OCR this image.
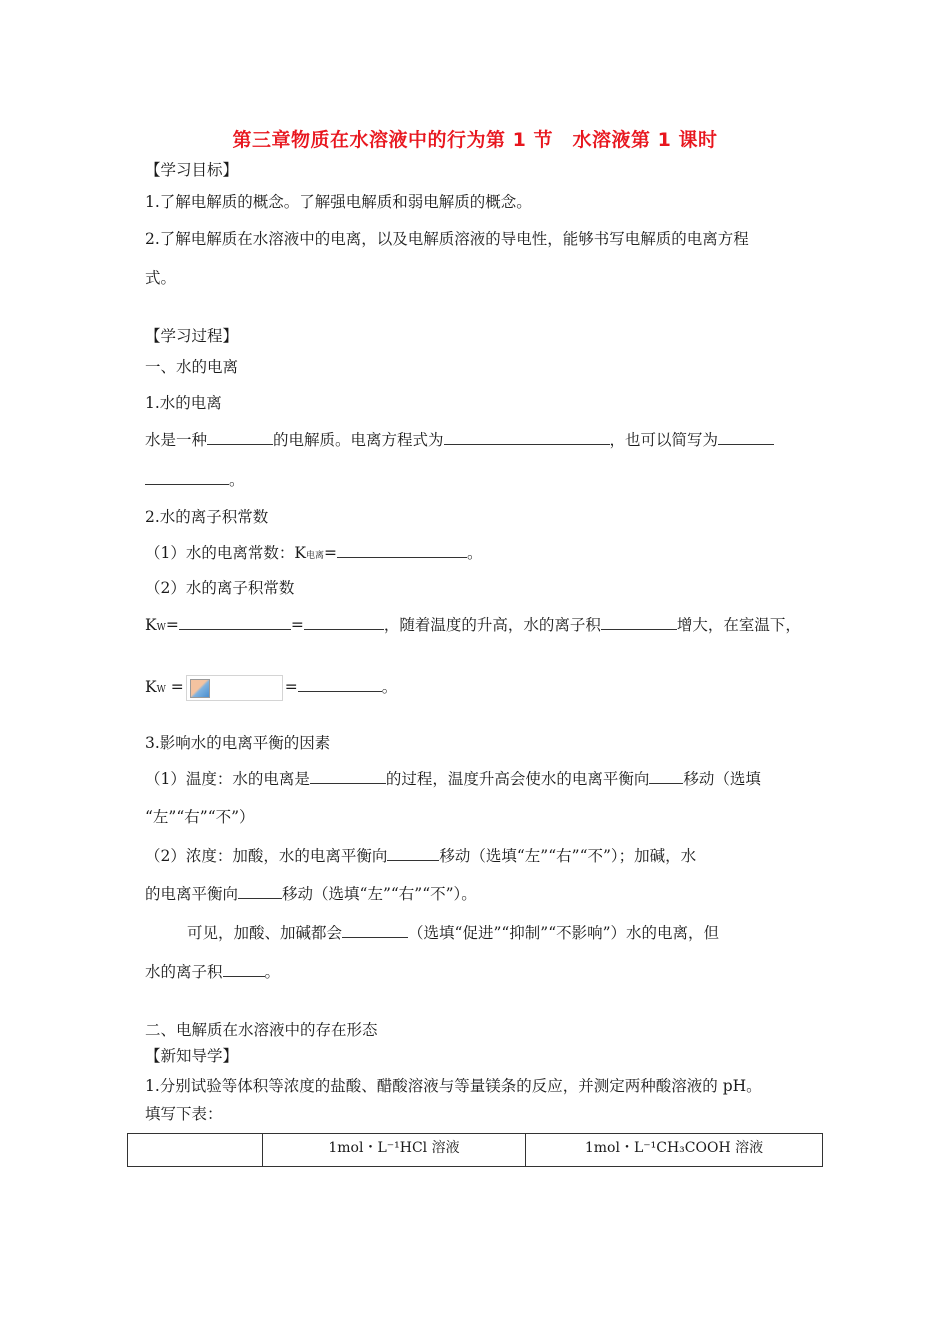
第三章物质在水溶液中的行为第 1 节　水溶液第 1 课时
【学习目标】
1.了解电解质的概念。了解强电解质和弱电解质的概念。
2.了解电解质在水溶液中的电离，以及电解质溶液的导电性，能够书写电解质的电离方程
式。
【学习过程】
一、水的电离
1.水的电离
水是一种	的电解质。电离方程式为	，也可以简写为
。
2.水的离子积常数
（1）水的电离常数：K电离=	。
（2）水的离子积常数
KW=	=	，随着温度的升高，水的离子积	增大，在室温下，
KW =	=	。
3.影响水的电离平衡的因素
（1）温度：水的电离是	的过程，温度升高会使水的电离平衡向 移动（选填
“左”“右”“不”）
（2）浓度：加酸，水的电离平衡向	移动（选填“左”“右”“不”）；加碱，水
的电离平衡向	移动（选填“左”“右”“不”）。
可见，加酸、加碱都会	（选填“促进”“抑制”“不影响”）水的电离，但
水的离子积	。
二、电解质在水溶液中的存在形态
【新知导学】
1.分别试验等体积等浓度的盐酸、醋酸溶液与等量镁条的反应，并测定两种酸溶液的 pH。
填写下表：
	1mol・L⁻¹HCl 溶液	1mol・L⁻¹CH₃COOH 溶液
